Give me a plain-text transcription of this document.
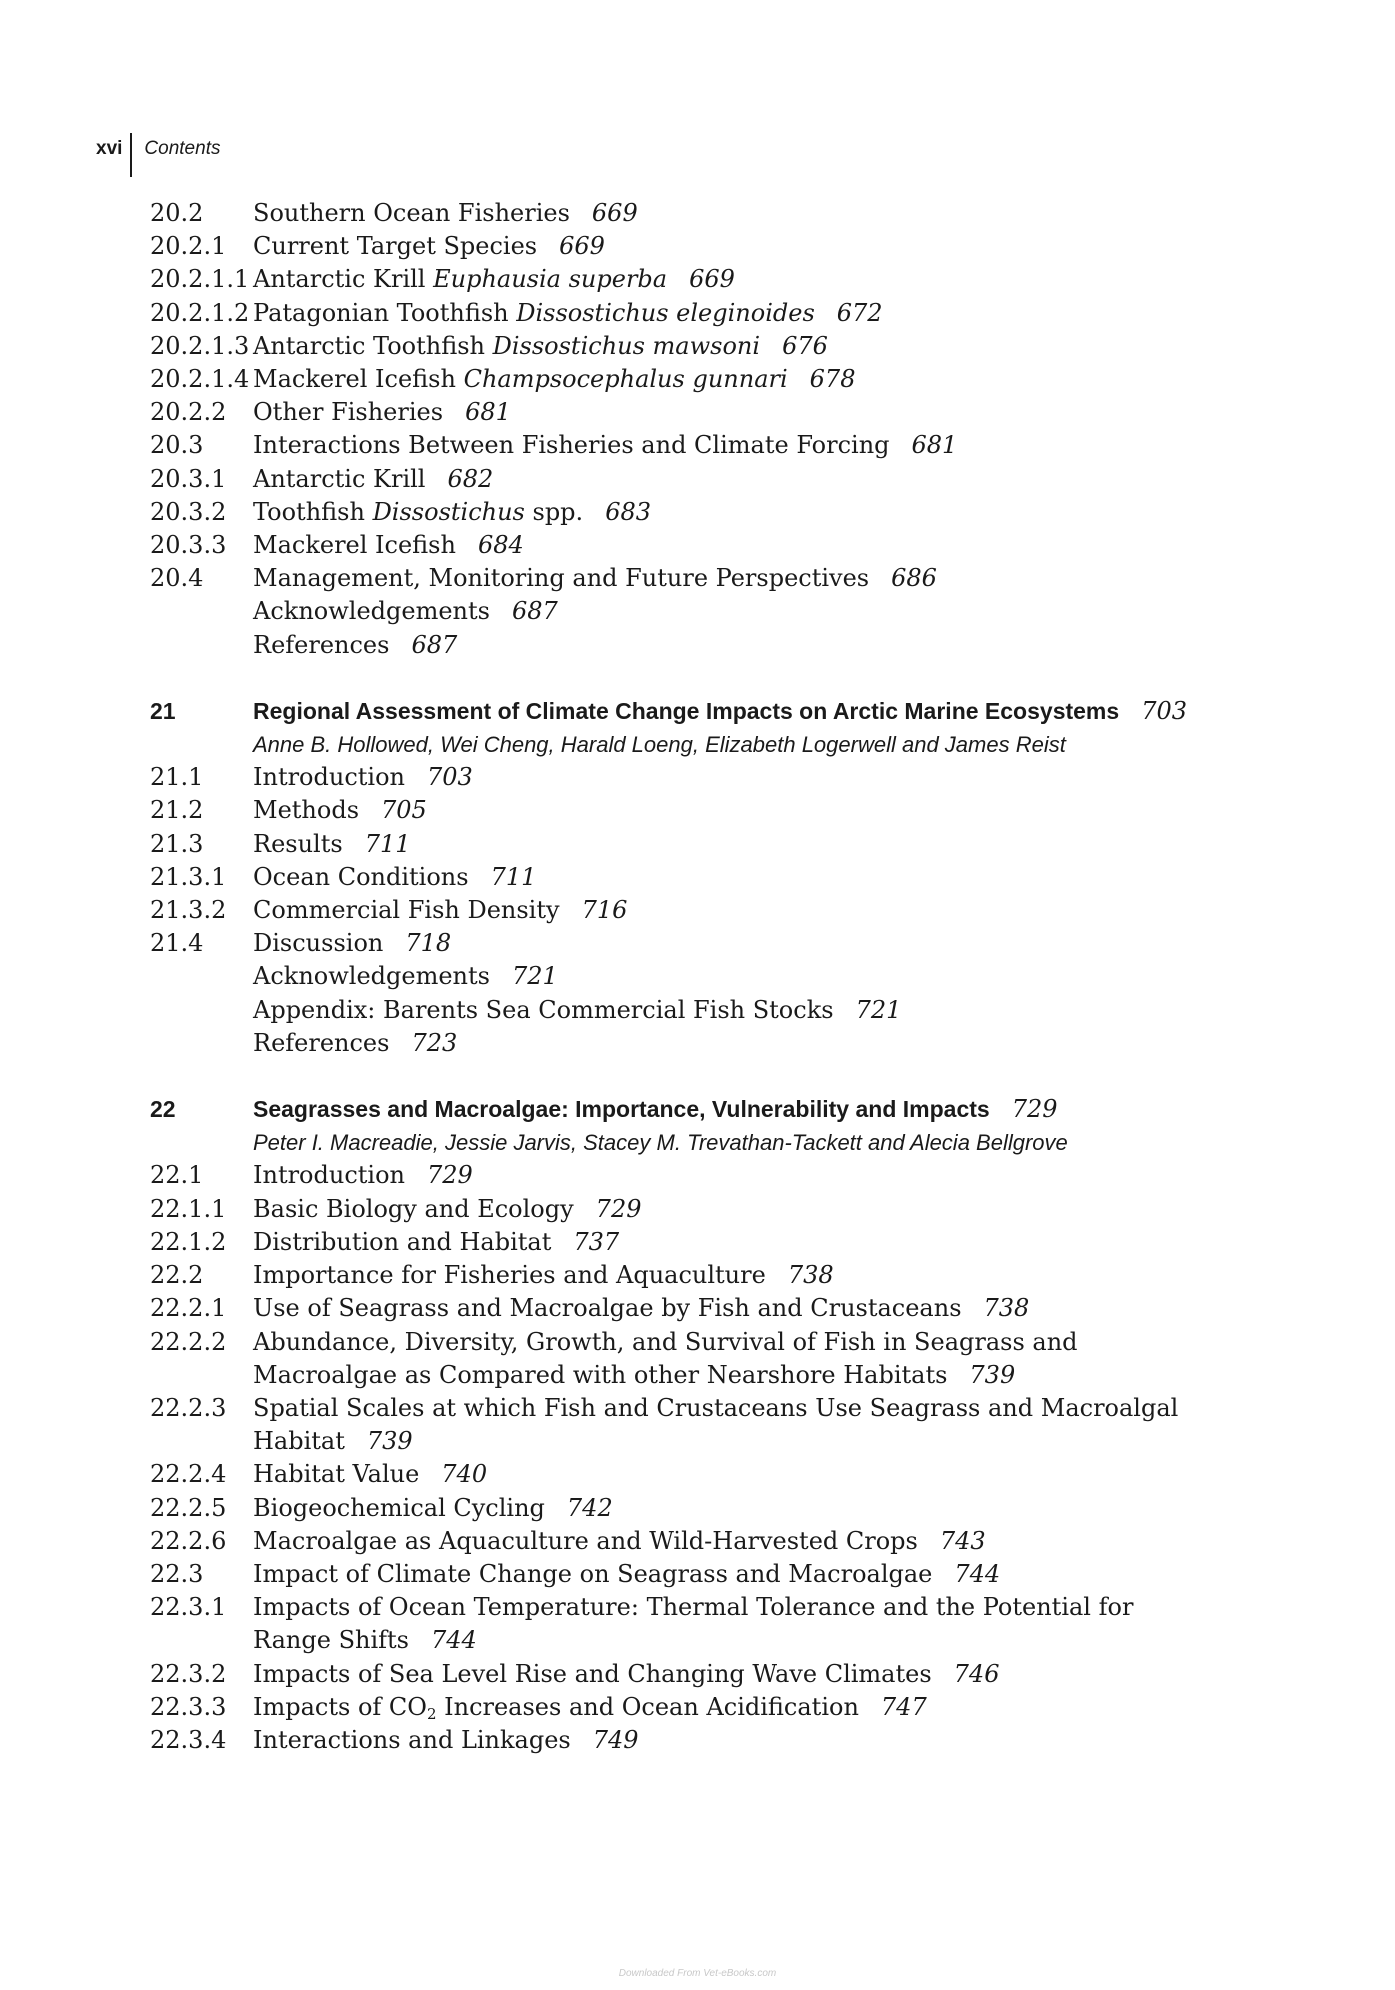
xvi	Contents
20.2	Southern Ocean Fisheries 669
20.2.1	Current Target Species 669
20.2.1.1 Antarctic Krill Euphausia superba 669
20.2.1.2 Patagonian Toothfish Dissostichus eleginoides 672
20.2.1.3 Antarctic Toothfish Dissostichus mawsoni 676
20.2.1.4 Mackerel Icefish Champsocephalus gunnari 678
20.2.2	Other Fisheries 681
20.3	Interactions Between Fisheries and Climate Forcing 681
20.3.1	Antarctic Krill 682
20.3.2	Toothfish Dissostichus spp. 683
20.3.3	Mackerel Icefish 684
20.4	Management, Monitoring and Future Perspectives 686
Acknowledgements 687
References 687
21	Regional Assessment of Climate Change Impacts on Arctic Marine Ecosystems 703
Anne B. Hollowed, Wei Cheng, Harald Loeng, Elizabeth Logerwell and James Reist
21.1	Introduction 703
21.2	Methods 705
21.3	Results 711
21.3.1	Ocean Conditions 711
21.3.2	Commercial Fish Density 716
21.4	Discussion 718
Acknowledgements 721
Appendix: Barents Sea Commercial Fish Stocks 721
References 723
22	Seagrasses and Macroalgae: Importance, Vulnerability and Impacts 729
Peter I. Macreadie, Jessie Jarvis, Stacey M. Trevathan-Tackett and Alecia Bellgrove
22.1	Introduction 729
22.1.1	Basic Biology and Ecology 729
22.1.2	Distribution and Habitat 737
22.2	Importance for Fisheries and Aquaculture 738
22.2.1	Use of Seagrass and Macroalgae by Fish and Crustaceans 738
22.2.2	Abundance, Diversity, Growth, and Survival of Fish in Seagrass and Macroalgae as Compared with other Nearshore Habitats 739
22.2.3	Spatial Scales at which Fish and Crustaceans Use Seagrass and Macroalgal Habitat 739
22.2.4	Habitat Value 740
22.2.5	Biogeochemical Cycling 742
22.2.6	Macroalgae as Aquaculture and Wild-Harvested Crops 743
22.3	Impact of Climate Change on Seagrass and Macroalgae 744
22.3.1	Impacts of Ocean Temperature: Thermal Tolerance and the Potential for Range Shifts 744
22.3.2	Impacts of Sea Level Rise and Changing Wave Climates 746
22.3.3	Impacts of $CO_2$ Increases and Ocean Acidification 747
22.3.4	Interactions and Linkages 749
Downloaded From Vet-eBooks.com
